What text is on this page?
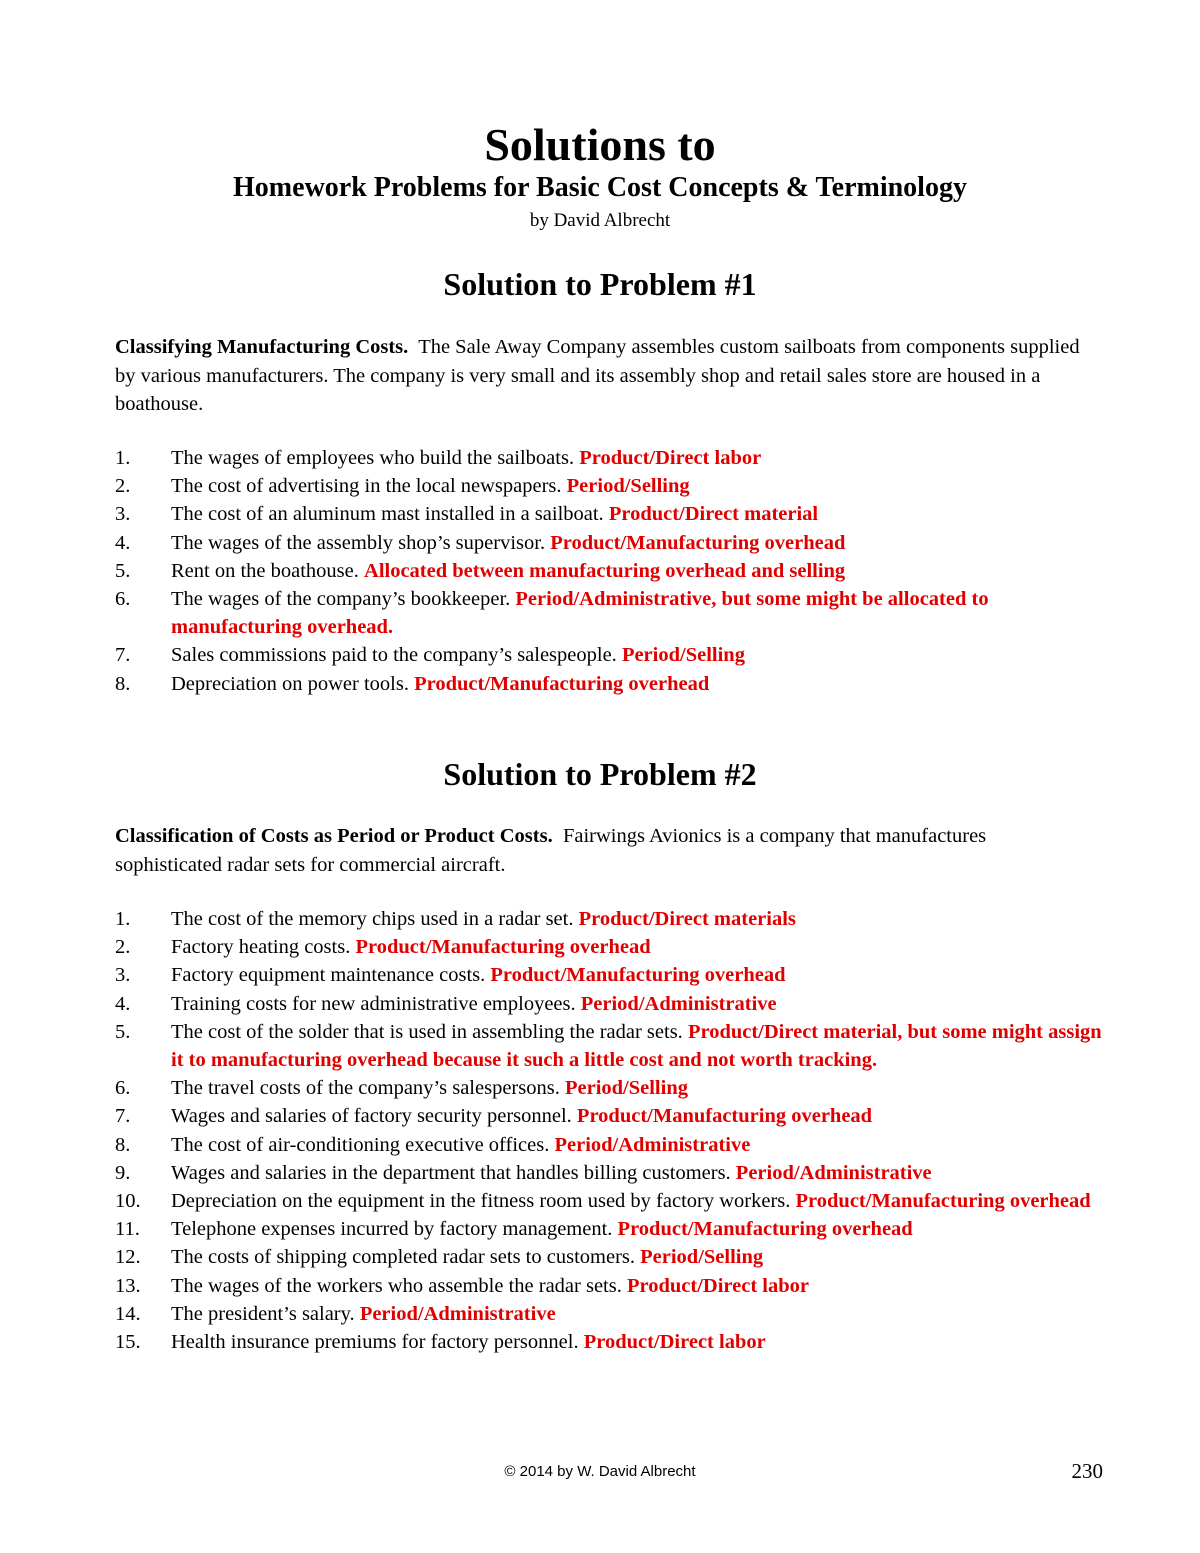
Solutions to
Homework Problems for Basic Cost Concepts & Terminology

by David Albrecht

Solution to Problem #1

Classifying Manufacturing Costs. The Sale Away Company assembles custom sailboats from components supplied by various manufacturers. The company is very small and its assembly shop and retail sales store are housed in a boathouse.

1.	The wages of employees who build the sailboats. Product/Direct labor
2.	The cost of advertising in the local newspapers. Period/Selling
3.	The cost of an aluminum mast installed in a sailboat. Product/Direct material
4.	The wages of the assembly shop’s supervisor. Product/Manufacturing overhead
5.	Rent on the boathouse. Allocated between manufacturing overhead and selling
6.	The wages of the company’s bookkeeper. Period/Administrative, but some might be allocated to manufacturing overhead.
7.	Sales commissions paid to the company’s salespeople. Period/Selling
8.	Depreciation on power tools. Product/Manufacturing overhead
Solution to Problem #2

Classification of Costs as Period or Product Costs. Fairwings Avionics is a company that manufactures sophisticated radar sets for commercial aircraft.

1.	The cost of the memory chips used in a radar set. Product/Direct materials
2.	Factory heating costs. Product/Manufacturing overhead
3.	Factory equipment maintenance costs. Product/Manufacturing overhead
4.	Training costs for new administrative employees. Period/Administrative
5.	The cost of the solder that is used in assembling the radar sets. Product/Direct material, but some might assign it to manufacturing overhead because it such a little cost and not worth tracking.
6.	The travel costs of the company’s salespersons. Period/Selling
7.	Wages and salaries of factory security personnel. Product/Manufacturing overhead
8.	The cost of air-conditioning executive offices. Period/Administrative
9.	Wages and salaries in the department that handles billing customers. Period/Administrative
10.	Depreciation on the equipment in the fitness room used by factory workers. Product/Manufacturing overhead
11.	Telephone expenses incurred by factory management. Product/Manufacturing overhead
12.	The costs of shipping completed radar sets to customers. Period/Selling
13.	The wages of the workers who assemble the radar sets. Product/Direct labor
14.	The president’s salary. Period/Administrative
15.	Health insurance premiums for factory personnel. Product/Direct labor
© 2014 by W. David Albrecht	230
